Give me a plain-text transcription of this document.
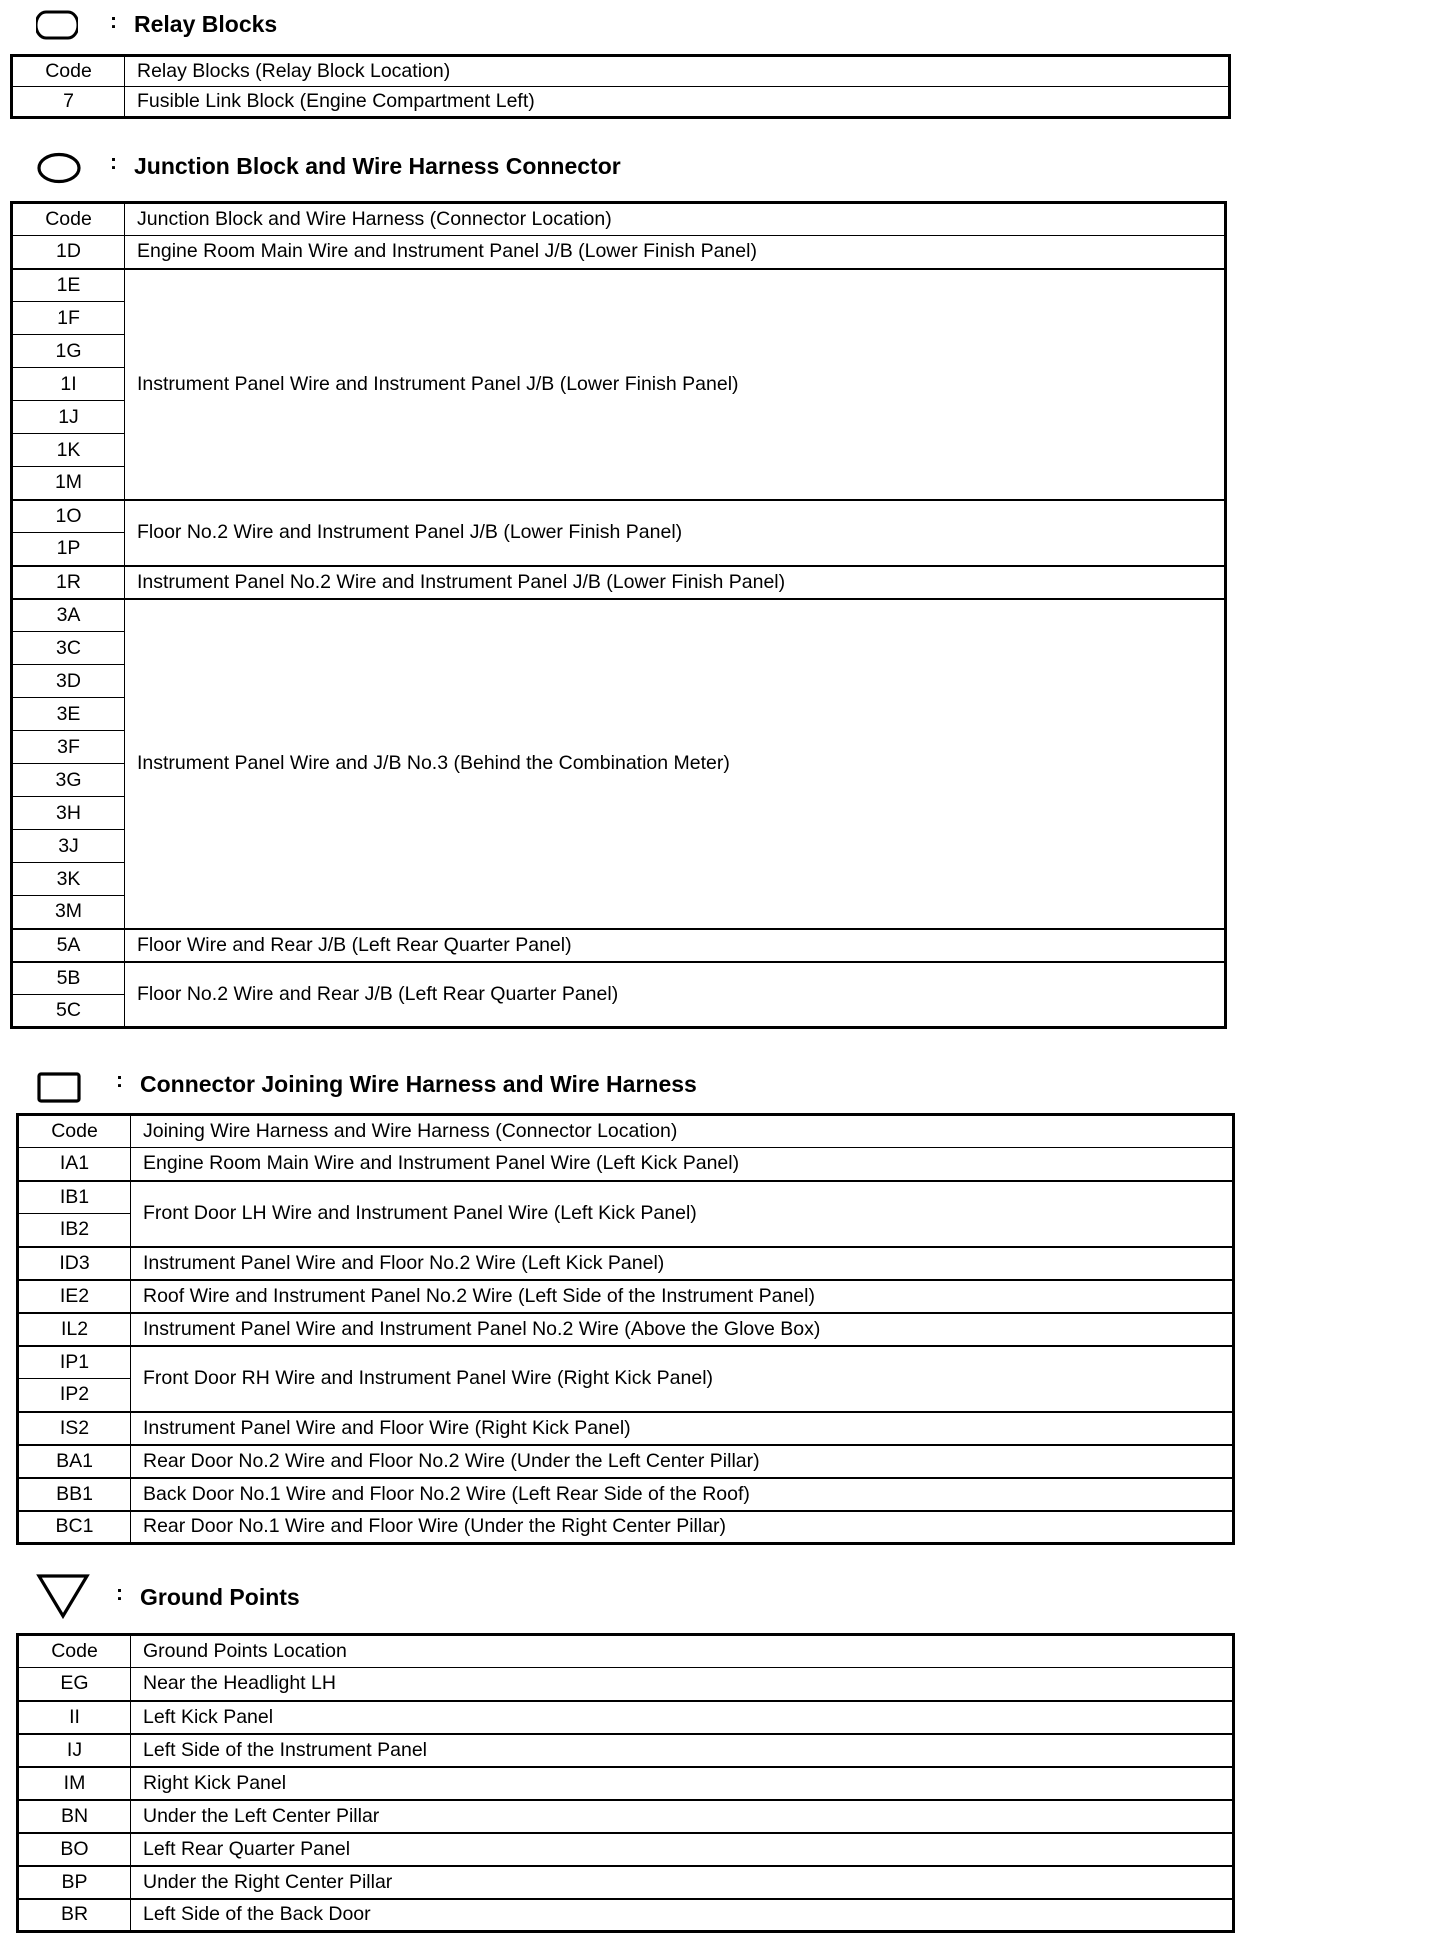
: Relay Blocks
Code	Relay Blocks (Relay Block Location)
7	Fusible Link Block (Engine Compartment Left)
: Junction Block and Wire Harness Connector
Code	Junction Block and Wire Harness (Connector Location)
1D	Engine Room Main Wire and Instrument Panel J/B (Lower Finish Panel)
1E	Instrument Panel Wire and Instrument Panel J/B (Lower Finish Panel)
1F	
1G	
1I	
1J	
1K	
1M	
1O	Floor No.2 Wire and Instrument Panel J/B (Lower Finish Panel)
1P	
1R	Instrument Panel No.2 Wire and Instrument Panel J/B (Lower Finish Panel)
3A	Instrument Panel Wire and J/B No.3 (Behind the Combination Meter)
3C	
3D	
3E	
3F	
3G	
3H	
3J	
3K	
3M	
5A	Floor Wire and Rear J/B (Left Rear Quarter Panel)
5B	Floor No.2 Wire and Rear J/B (Left Rear Quarter Panel)
5C	
: Connector Joining Wire Harness and Wire Harness
Code	Joining Wire Harness and Wire Harness (Connector Location)
IA1	Engine Room Main Wire and Instrument Panel Wire (Left Kick Panel)
IB1	Front Door LH Wire and Instrument Panel Wire (Left Kick Panel)
IB2	
ID3	Instrument Panel Wire and Floor No.2 Wire (Left Kick Panel)
IE2	Roof Wire and Instrument Panel No.2 Wire (Left Side of the Instrument Panel)
IL2	Instrument Panel Wire and Instrument Panel No.2 Wire (Above the Glove Box)
IP1	Front Door RH Wire and Instrument Panel Wire (Right Kick Panel)
IP2	
IS2	Instrument Panel Wire and Floor Wire (Right Kick Panel)
BA1	Rear Door No.2 Wire and Floor No.2 Wire (Under the Left Center Pillar)
BB1	Back Door No.1 Wire and Floor No.2 Wire (Left Rear Side of the Roof)
BC1	Rear Door No.1 Wire and Floor Wire (Under the Right Center Pillar)
: Ground Points
Code	Ground Points Location
EG	Near the Headlight LH
II	Left Kick Panel
IJ	Left Side of the Instrument Panel
IM	Right Kick Panel
BN	Under the Left Center Pillar
BO	Left Rear Quarter Panel
BP	Under the Right Center Pillar
BR	Left Side of the Back Door
